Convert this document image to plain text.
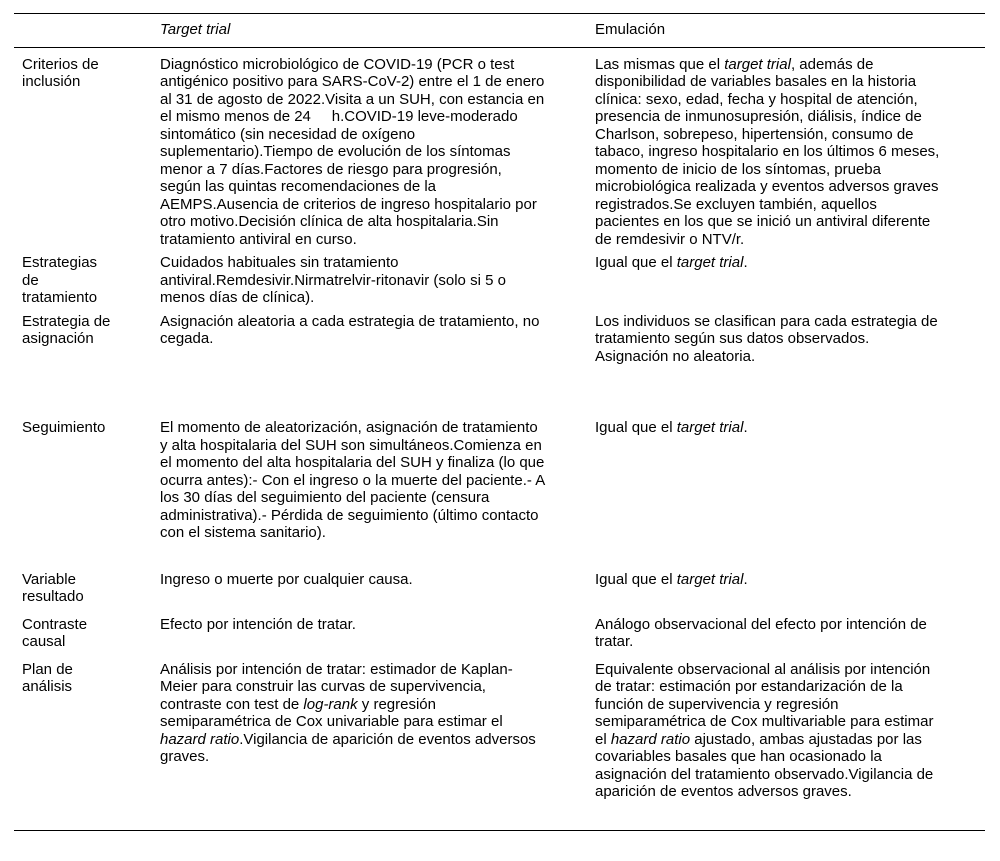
	Target trial	Emulación
Criterios de inclusión	Diagnóstico microbiológico de COVID-19 (PCR o test antigénico positivo para SARS-CoV-2) entre el 1 de enero al 31 de agosto de 2022.Visita a un SUH, con estancia en el mismo menos de 24     h.COVID-19 leve-moderado sintomático (sin necesidad de oxígeno suplementario).Tiempo de evolución de los síntomas menor a 7 días.Factores de riesgo para progresión, según las quintas recomendaciones de la AEMPS.Ausencia de criterios de ingreso hospitalario por otro motivo.Decisión clínica de alta hospitalaria.Sin tratamiento antiviral en curso.	Las mismas que el target trial, además de disponibilidad de variables basales en la historia clínica: sexo, edad, fecha y hospital de atención, presencia de inmunosupresión, diálisis, índice de Charlson, sobrepeso, hipertensión, consumo de tabaco, ingreso hospitalario en los últimos 6 meses, momento de inicio de los síntomas, prueba microbiológica realizada y eventos adversos graves registrados.Se excluyen también, aquellos pacientes en los que se inició un antiviral diferente de remdesivir o NTV/r.
Estrategias de tratamiento	Cuidados habituales sin tratamiento antiviral.Remdesivir.Nirmatrelvir-ritonavir (solo si 5 o menos días de clínica).	Igual que el target trial.
Estrategia de asignación	Asignación aleatoria a cada estrategia de tratamiento, no cegada.	Los individuos se clasifican para cada estrategia de tratamiento según sus datos observados. Asignación no aleatoria.
Seguimiento	El momento de aleatorización, asignación de tratamiento y alta hospitalaria del SUH son simultáneos.Comienza en el momento del alta hospitalaria del SUH y finaliza (lo que ocurra antes):- Con el ingreso o la muerte del paciente.- A los 30 días del seguimiento del paciente (censura administrativa).- Pérdida de seguimiento (último contacto con el sistema sanitario).	Igual que el target trial.
Variable resultado	Ingreso o muerte por cualquier causa.	Igual que el target trial.
Contraste causal	Efecto por intención de tratar.	Análogo observacional del efecto por intención de tratar.
Plan de análisis	Análisis por intención de tratar: estimador de Kaplan-Meier para construir las curvas de supervivencia, contraste con test de log-rank y regresión semiparamétrica de Cox univariable para estimar el hazard ratio.Vigilancia de aparición de eventos adversos graves.	Equivalente observacional al análisis por intención de tratar: estimación por estandarización de la función de supervivencia y regresión semiparamétrica de Cox multivariable para estimar el hazard ratio ajustado, ambas ajustadas por las covariables basales que han ocasionado la asignación del tratamiento observado.Vigilancia de aparición de eventos adversos graves.
